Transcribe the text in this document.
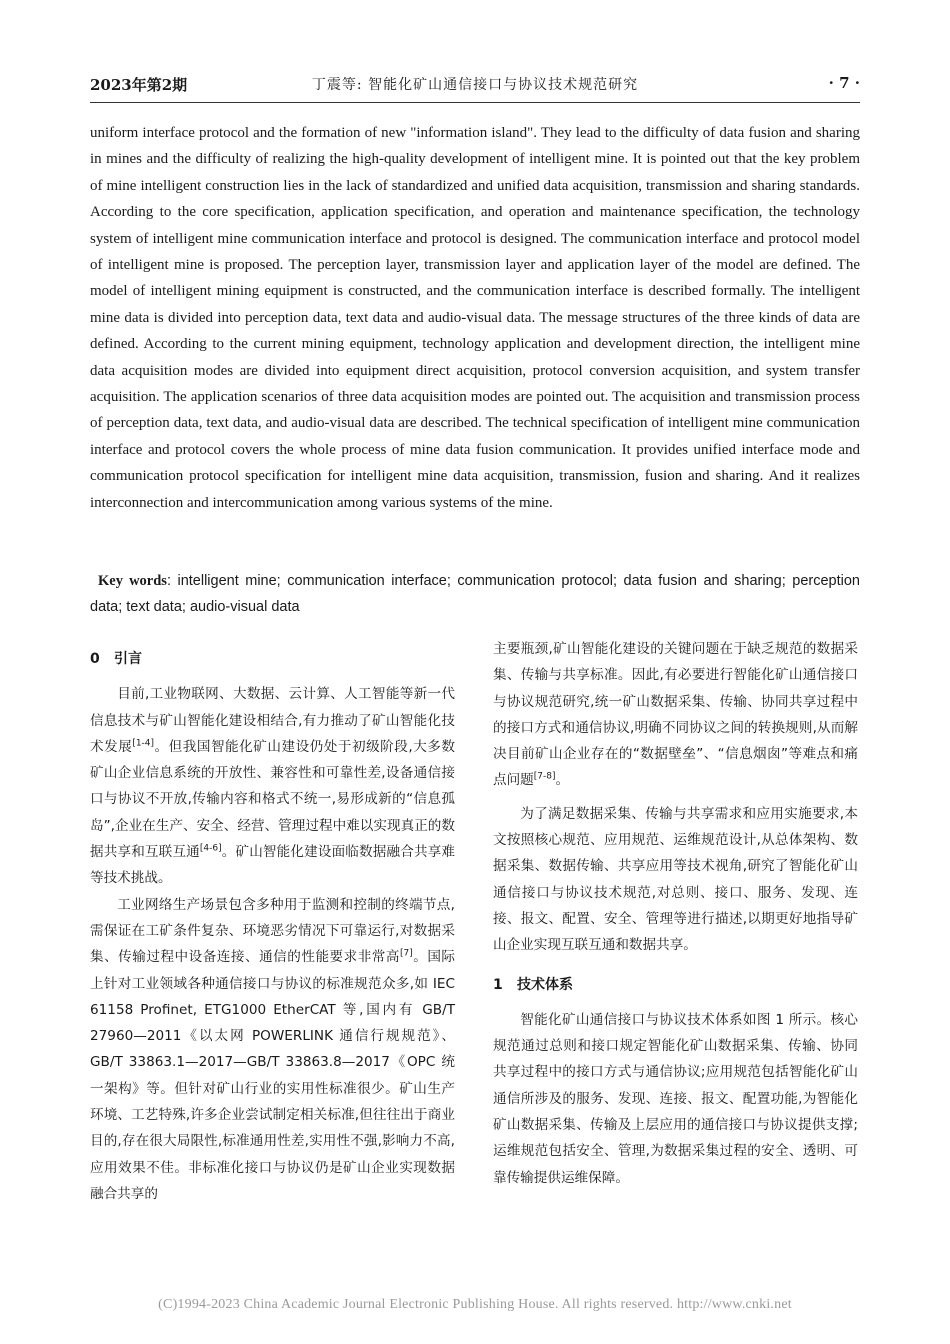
2023年第2期	丁震等: 智能化矿山通信接口与协议技术规范研究	· 7 ·

uniform interface protocol and the formation of new "information island". They lead to the difficulty of data fusion and sharing in mines and the difficulty of realizing the high-quality development of intelligent mine. It is pointed out that the key problem of mine intelligent construction lies in the lack of standardized and unified data acquisition, transmission and sharing standards. According to the core specification, application specification, and operation and maintenance specification, the technology system of intelligent mine communication interface and protocol is designed. The communication interface and protocol model of intelligent mine is proposed. The perception layer, transmission layer and application layer of the model are defined. The model of intelligent mining equipment is constructed, and the communication interface is described formally. The intelligent mine data is divided into perception data, text data and audio-visual data. The message structures of the three kinds of data are defined. According to the current mining equipment, technology application and development direction, the intelligent mine data acquisition modes are divided into equipment direct acquisition, protocol conversion acquisition, and system transfer acquisition. The application scenarios of three data acquisition modes are pointed out. The acquisition and transmission process of perception data, text data, and audio-visual data are described. The technical specification of intelligent mine communication interface and protocol covers the whole process of mine data fusion communication. It provides unified interface mode and communication protocol specification for intelligent mine data acquisition, transmission, fusion and sharing. And it realizes interconnection and intercommunication among various systems of the mine.

Key words: intelligent mine; communication interface; communication protocol; data fusion and sharing; perception data; text data; audio-visual data

0 引言

目前,工业物联网、大数据、云计算、人工智能等新一代信息技术与矿山智能化建设相结合,有力推动了矿山智能化技术发展[1-4]。但我国智能化矿山建设仍处于初级阶段,大多数矿山企业信息系统的开放性、兼容性和可靠性差,设备通信接口与协议不开放,传输内容和格式不统一,易形成新的“信息孤岛”,企业在生产、安全、经营、管理过程中难以实现真正的数据共享和互联互通[4-6]。矿山智能化建设面临数据融合共享难等技术挑战。

工业网络生产场景包含多种用于监测和控制的终端节点,需保证在工矿条件复杂、环境恶劣情况下可靠运行,对数据采集、传输过程中设备连接、通信的性能要求非常高[7]。国际上针对工业领域各种通信接口与协议的标准规范众多,如 IEC 61158 Profinet, ETG1000 EtherCAT 等,国内有 GB/T 27960—2011《以太网 POWERLINK 通信行规规范》、GB/T 33863.1—2017—GB/T 33863.8—2017《OPC 统一架构》等。但针对矿山行业的实用性标准很少。矿山生产环境、工艺特殊,许多企业尝试制定相关标准,但往往出于商业目的,存在很大局限性,标准通用性差,实用性不强,影响力不高,应用效果不佳。非标准化接口与协议仍是矿山企业实现数据融合共享的

主要瓶颈,矿山智能化建设的关键问题在于缺乏规范的数据采集、传输与共享标准。因此,有必要进行智能化矿山通信接口与协议规范研究,统一矿山数据采集、传输、协同共享过程中的接口方式和通信协议,明确不同协议之间的转换规则,从而解决目前矿山企业存在的“数据壁垒”、“信息烟囱”等难点和痛点问题[7-8]。

为了满足数据采集、传输与共享需求和应用实施要求,本文按照核心规范、应用规范、运维规范设计,从总体架构、数据采集、数据传输、共享应用等技术视角,研究了智能化矿山通信接口与协议技术规范,对总则、接口、服务、发现、连接、报文、配置、安全、管理等进行描述,以期更好地指导矿山企业实现互联互通和数据共享。

1 技术体系

智能化矿山通信接口与协议技术体系如图 1 所示。核心规范通过总则和接口规定智能化矿山数据采集、传输、协同共享过程中的接口方式与通信协议;应用规范包括智能化矿山通信所涉及的服务、发现、连接、报文、配置功能,为智能化矿山数据采集、传输及上层应用的通信接口与协议提供支撑;运维规范包括安全、管理,为数据采集过程的安全、透明、可靠传输提供运维保障。

(C)1994-2023 China Academic Journal Electronic Publishing House. All rights reserved. http://www.cnki.net
